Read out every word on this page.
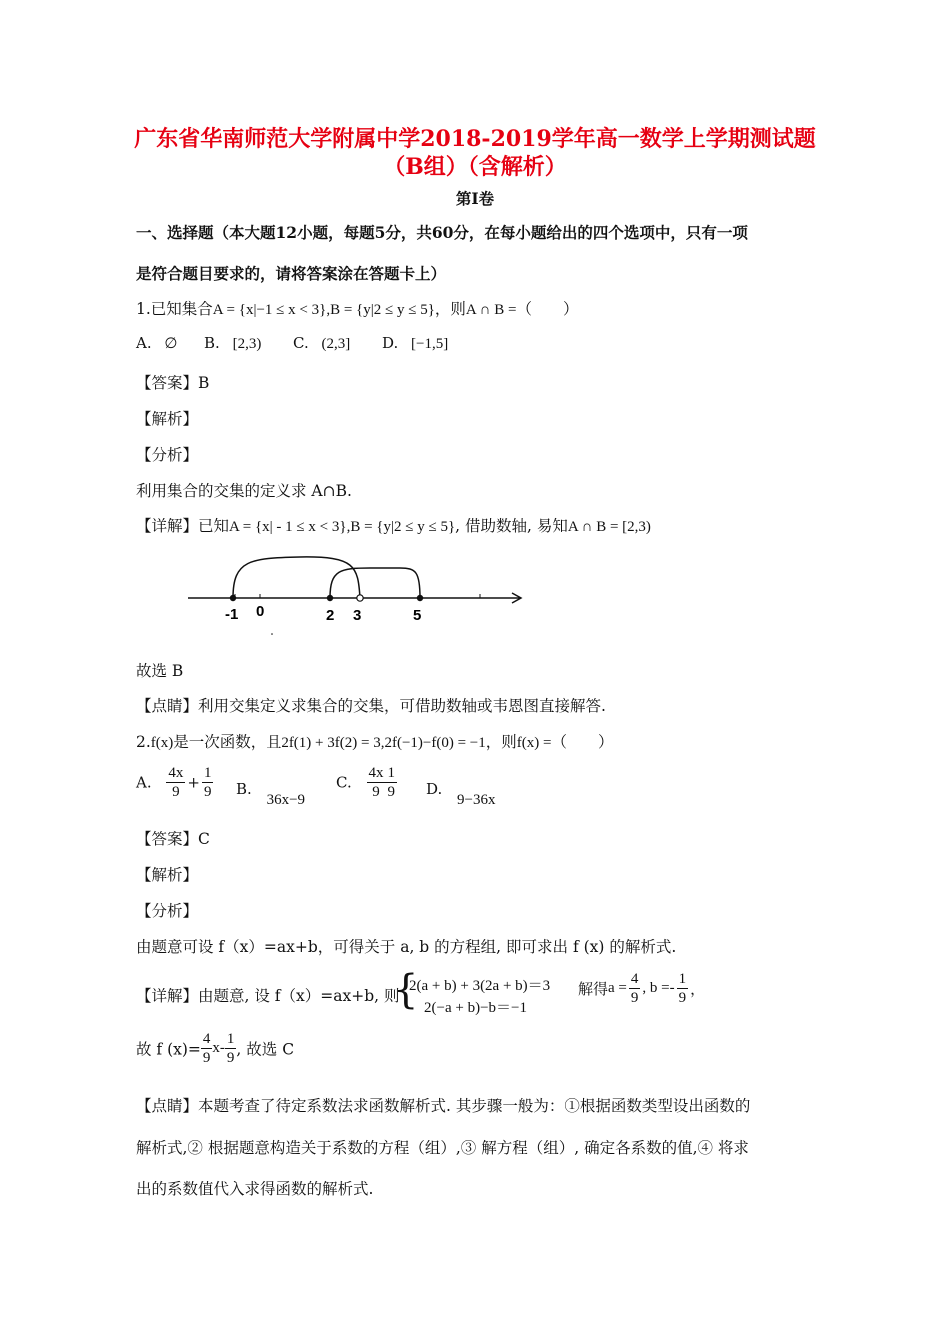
广东省华南师范大学附属中学2018-2019学年高一数学上学期测试题
（B组）（含解析）
第Ⅰ卷
一、选择题（本大题12小题，每题5分，共60分，在每小题给出的四个选项中，只有一项
是符合题目要求的，请将答案涂在答题卡上）
1.已知集合A = {x|−1 ≤ x < 3},B = {y|2 ≤ y ≤ 5}，则A ∩ B =（　　）
A. ∅ B. [2,3) C. (2,3] D. [−1,5]
【答案】B
【解析】
【分析】
利用集合的交集的定义求 A∩B.
【详解】已知A = {x| - 1 ≤ x < 3},B = {y|2 ≤ y ≤ 5}, 借助数轴, 易知A ∩ B = [2,3)
-1 0	2 3	5
故选 B
【点睛】利用交集定义求集合的交集，可借助数轴或韦恩图直接解答.
2.f(x)是一次函数，且2f(1) + 3f(2) = 3,2f(−1)−f(0) = −1，则f(x) =（　　）
A. $\frac{4x}{9} + \frac{1}{9} B$. 36x−9
C. $\frac{4x}{9} \frac{1}{9} D$. 9−36x
【答案】C
【解析】
【分析】
由题意可设 f（x）=ax+b，可得关于 a, b 的方程组, 即可求出 f (x) 的解析式.
【详解】由题意, 设 f（x）=ax+b, 则
{
2(a + b) + 3(2a + b)＝3
2(−a + b)−b＝−1
解得$a = \frac{4}{9}$ , $b =- \frac{1}{9}$ ，
故 f $(x)= \frac{4}{9} x- \frac{1}{9}$ , 故选 C
【点睛】本题考查了待定系数法求函数解析式. 其步骤一般为：①根据函数类型设出函数的
解析式,② 根据题意构造关于系数的方程（组）,③ 解方程（组）, 确定各系数的值,④ 将求
出的系数值代入求得函数的解析式.
